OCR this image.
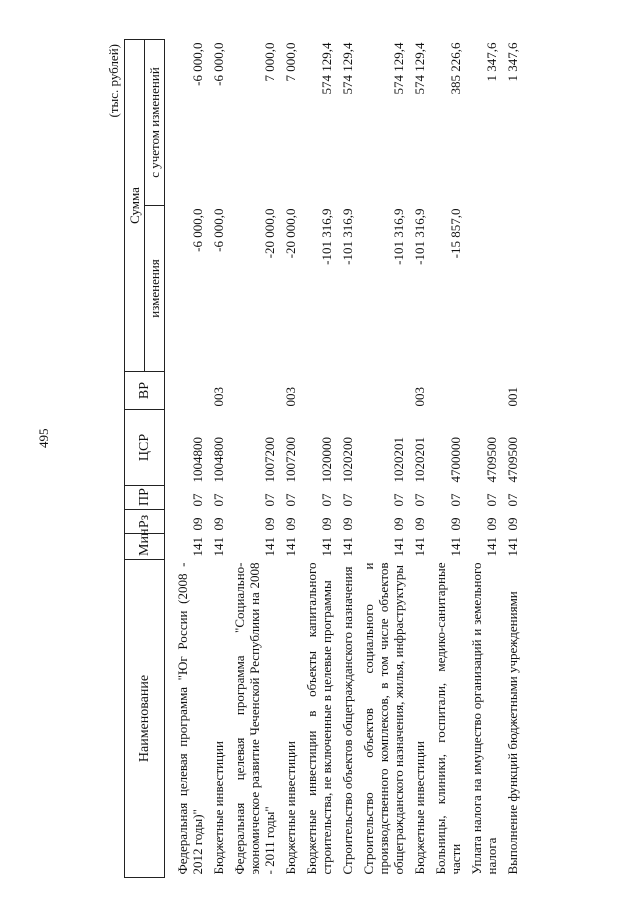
495
(тыс. рублей)
Наименование	Мин	Рз	ПР	ЦСР	ВР	Сумма	
						изменения	с учетом изменений
Федеральная целевая программа "Юг России (2008 - 2012 годы)"	141	09	07	1004800		-6 000,0	-6 000,0
Бюджетные инвестиции	141	09	07	1004800	003	-6 000,0	-6 000,0
Федеральная целевая программа "Социально-экономическое развитие Чеченской Республики на 2008 - 2011 годы"	141	09	07	1007200		-20 000,0	7 000,0
Бюджетные инвестиции	141	09	07	1007200	003	-20 000,0	7 000,0
Бюджетные инвестиции в объекты капитального строительства, не включенные в целевые программы	141	09	07	1020000		-101 316,9	574 129,4
Строительство объектов общегражданского назначения	141	09	07	1020200		-101 316,9	574 129,4
Строительство объектов социального и производственного комплексов, в том числе объектов общегражданского назначения, жилья, инфраструктуры	141	09	07	1020201		-101 316,9	574 129,4
Бюджетные инвестиции	141	09	07	1020201	003	-101 316,9	574 129,4
Больницы, клиники, госпитали, медико-санитарные части	141	09	07	4700000		-15 857,0	385 226,6
Уплата налога на имущество организаций и земельного налога	141	09	07	4709500			1 347,6
Выполнение функций бюджетными учреждениями	141	09	07	4709500	001		1 347,6
